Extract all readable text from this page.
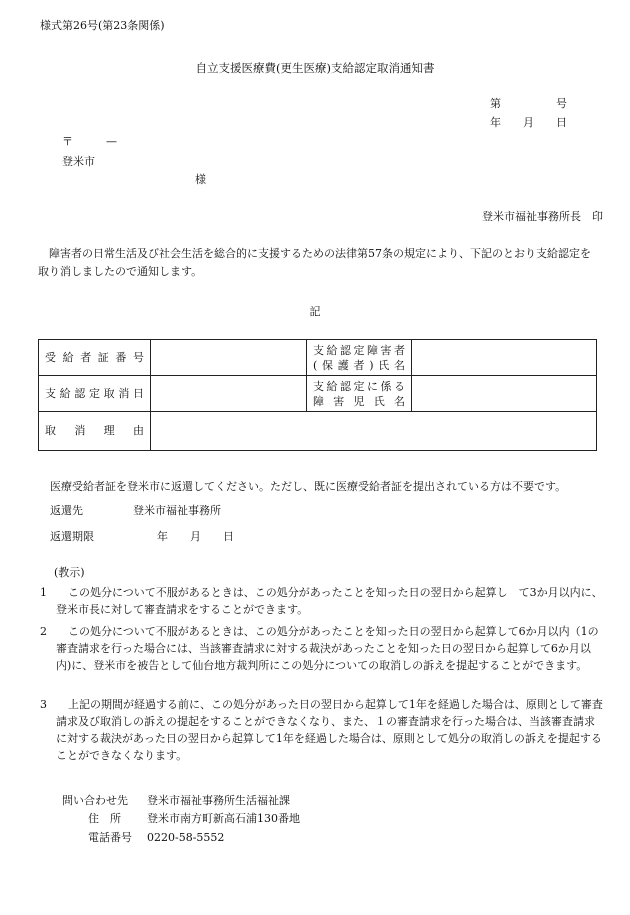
様式第26号(第23条関係)
自立支援医療費(更生医療)支給認定取消通知書
第　　　　　号
年　　月　　日
〒　　　—
登米市
様
登米市福祉事務所長　印
障害者の日常生活及び社会生活を総合的に支援するための法律第57条の規定により、下記のとおり支給認定を取り消しましたので通知します。
記
受給者証番号		支給認定障害者
(保護者)氏名	

支給認定取消日		支給認定に係る
障害児氏名	

取消理由			

医療受給者証を登米市に返還してください。ただし、既に医療受給者証を提出されている方は不要です。
返還先	登米市福祉事務所
返還期限	年　　月　　日
(教示)
1	この処分について不服があるときは、この処分があったことを知った日の翌日から起算し　て3か月以内に、登米市長に対して審査請求をすることができます。
2	この処分について不服があるときは、この処分があったことを知った日の翌日から起算して6か月以内（1の審査請求を行った場合には、当該審査請求に対する裁決があったことを知った日の翌日から起算して6か月以内)に、登米市を被告として仙台地方裁判所にこの処分についての取消しの訴えを提起することができます。
3	上記の期間が経過する前に、この処分があった日の翌日から起算して1年を経過した場合は、原則として審査請求及び取消しの訴えの提起をすることができなくなり、また、１の審査請求を行った場合は、当該審査請求に対する裁決があった日の翌日から起算して1年を経過した場合は、原則として処分の取消しの訴えを提起することができなくなります。
問い合わせ先 登米市福祉事務所生活福祉課
住所 登米市南方町新高石浦130番地
電話番号 0220-58-5552
